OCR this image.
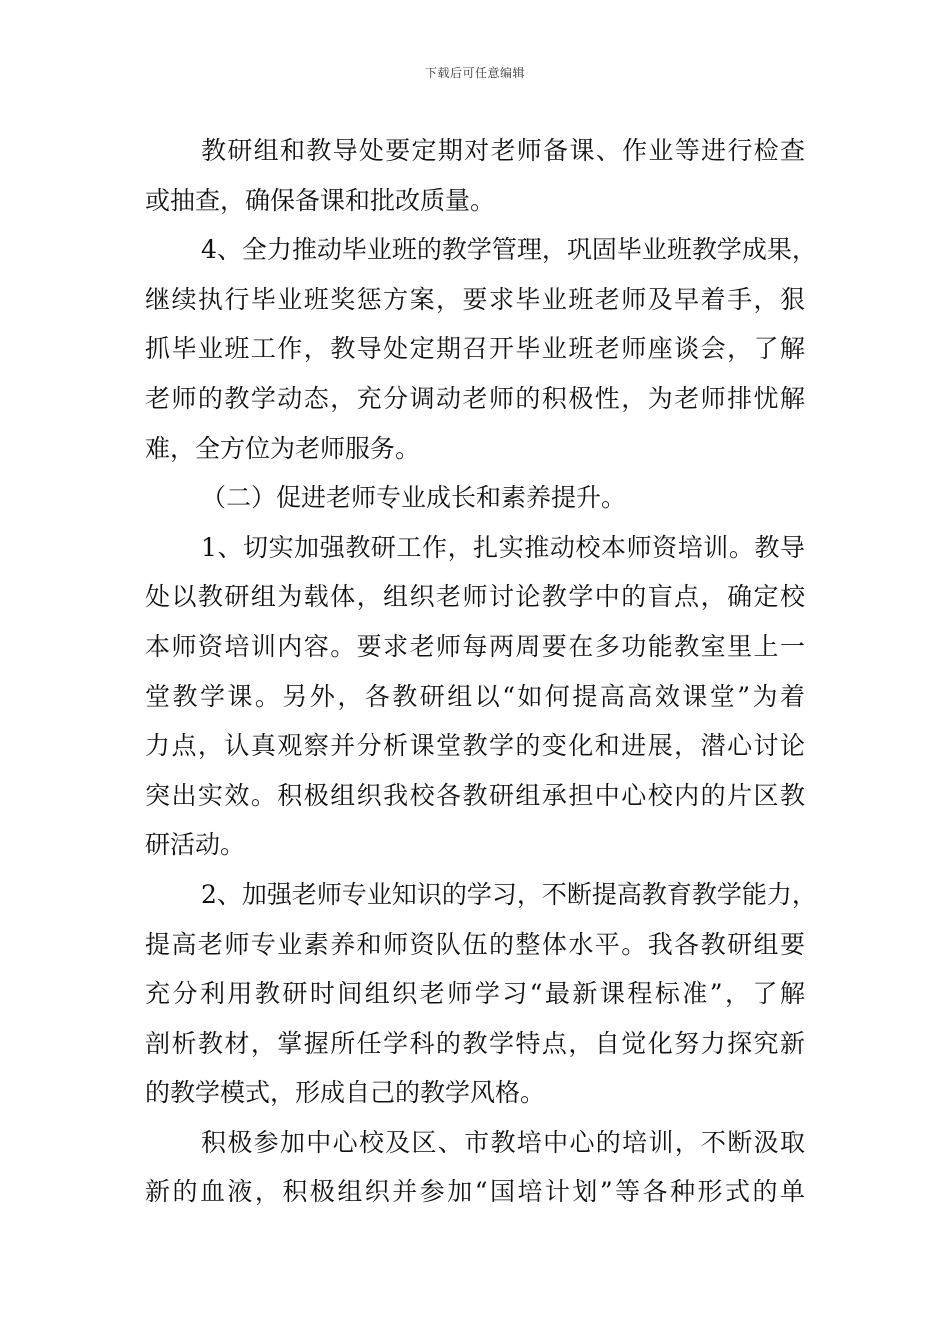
下载后可任意编辑
教研组和教导处要定期对老师备课、作业等进行检查
或抽查，确保备课和批改质量。
4、全力推动毕业班的教学管理，巩固毕业班教学成果，
继续执行毕业班奖惩方案，要求毕业班老师及早着手，狠
抓毕业班工作，教导处定期召开毕业班老师座谈会，了解
老师的教学动态，充分调动老师的积极性，为老师排忧解
难，全方位为老师服务。
（二）促进老师专业成长和素养提升。
1、切实加强教研工作，扎实推动校本师资培训。教导
处以教研组为载体，组织老师讨论教学中的盲点，确定校
本师资培训内容。要求老师每两周要在多功能教室里上一
堂教学课。另外，各教研组以“如何提高高效课堂”为着
力点，认真观察并分析课堂教学的变化和进展，潜心讨论
突出实效。积极组织我校各教研组承担中心校内的片区教
研活动。
2、加强老师专业知识的学习，不断提高教育教学能力，
提高老师专业素养和师资队伍的整体水平。我各教研组要
充分利用教研时间组织老师学习“最新课程标准”，了解
剖析教材，掌握所任学科的教学特点，自觉化努力探究新
的教学模式，形成自己的教学风格。
积极参加中心校及区、市教培中心的培训，不断汲取
新的血液，积极组织并参加“国培计划”等各种形式的单
